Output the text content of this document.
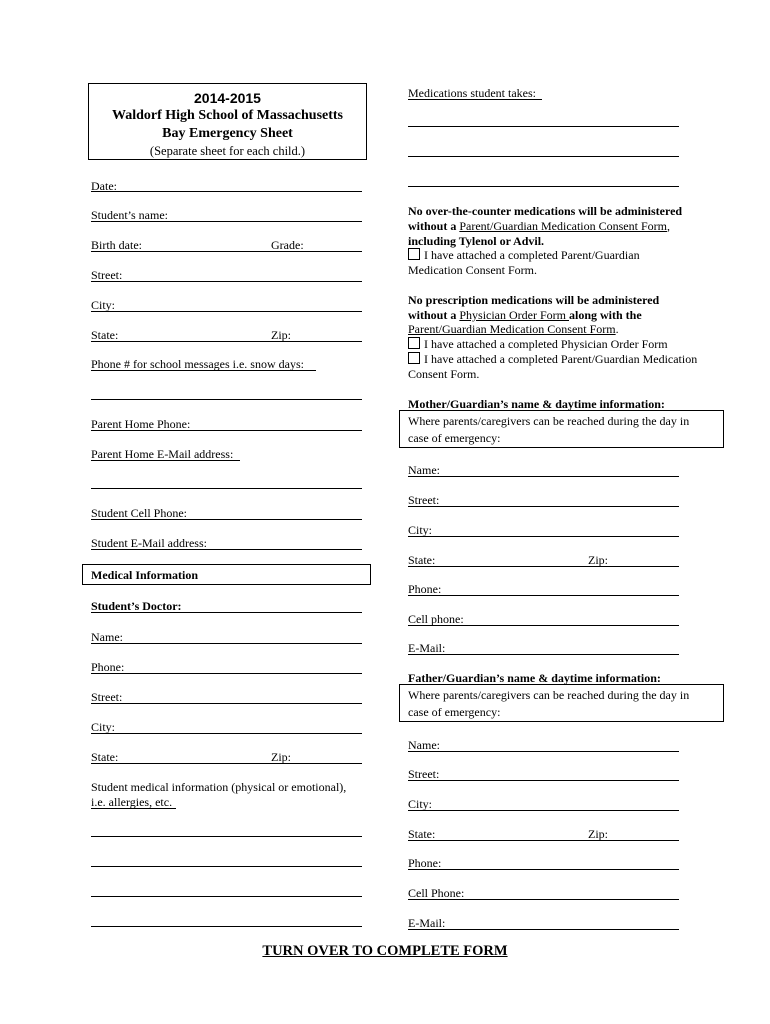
2014-2015
Waldorf High School of Massachusetts
Bay Emergency Sheet
(Separate sheet for each child.)
Date:
Student’s name:
Birth date:	Grade:
Street:
City:
State:	Zip:
Phone # for school messages i.e. snow days:
Parent Home Phone:
Parent Home E-Mail address:
Student Cell Phone:
Student E-Mail address:
Medical Information
Student’s Doctor:
Name:
Phone:
Street:
City:
State:	Zip:
Student medical information (physical or emotional),
i.e. allergies, etc.
Medications student takes:
No over-the-counter medications will be administered
without a Parent/Guardian Medication Consent Form,
including Tylenol or Advil.
I have attached a completed Parent/Guardian
Medication Consent Form.
No prescription medications will be administered
without a Physician Order Form along with the
Parent/Guardian Medication Consent Form.
I have attached a completed Physician Order Form
I have attached a completed Parent/Guardian Medication
Consent Form.
Mother/Guardian’s name & daytime information:
Where parents/caregivers can be reached during the day in
case of emergency:
Name:
Street:
City:
State:	Zip:
Phone:
Cell phone:
E-Mail:
Father/Guardian’s name & daytime information:
Where parents/caregivers can be reached during the day in
case of emergency:
Name:
Street:
City:
State:	Zip:
Phone:
Cell Phone:
E-Mail:
TURN OVER TO COMPLETE FORM
